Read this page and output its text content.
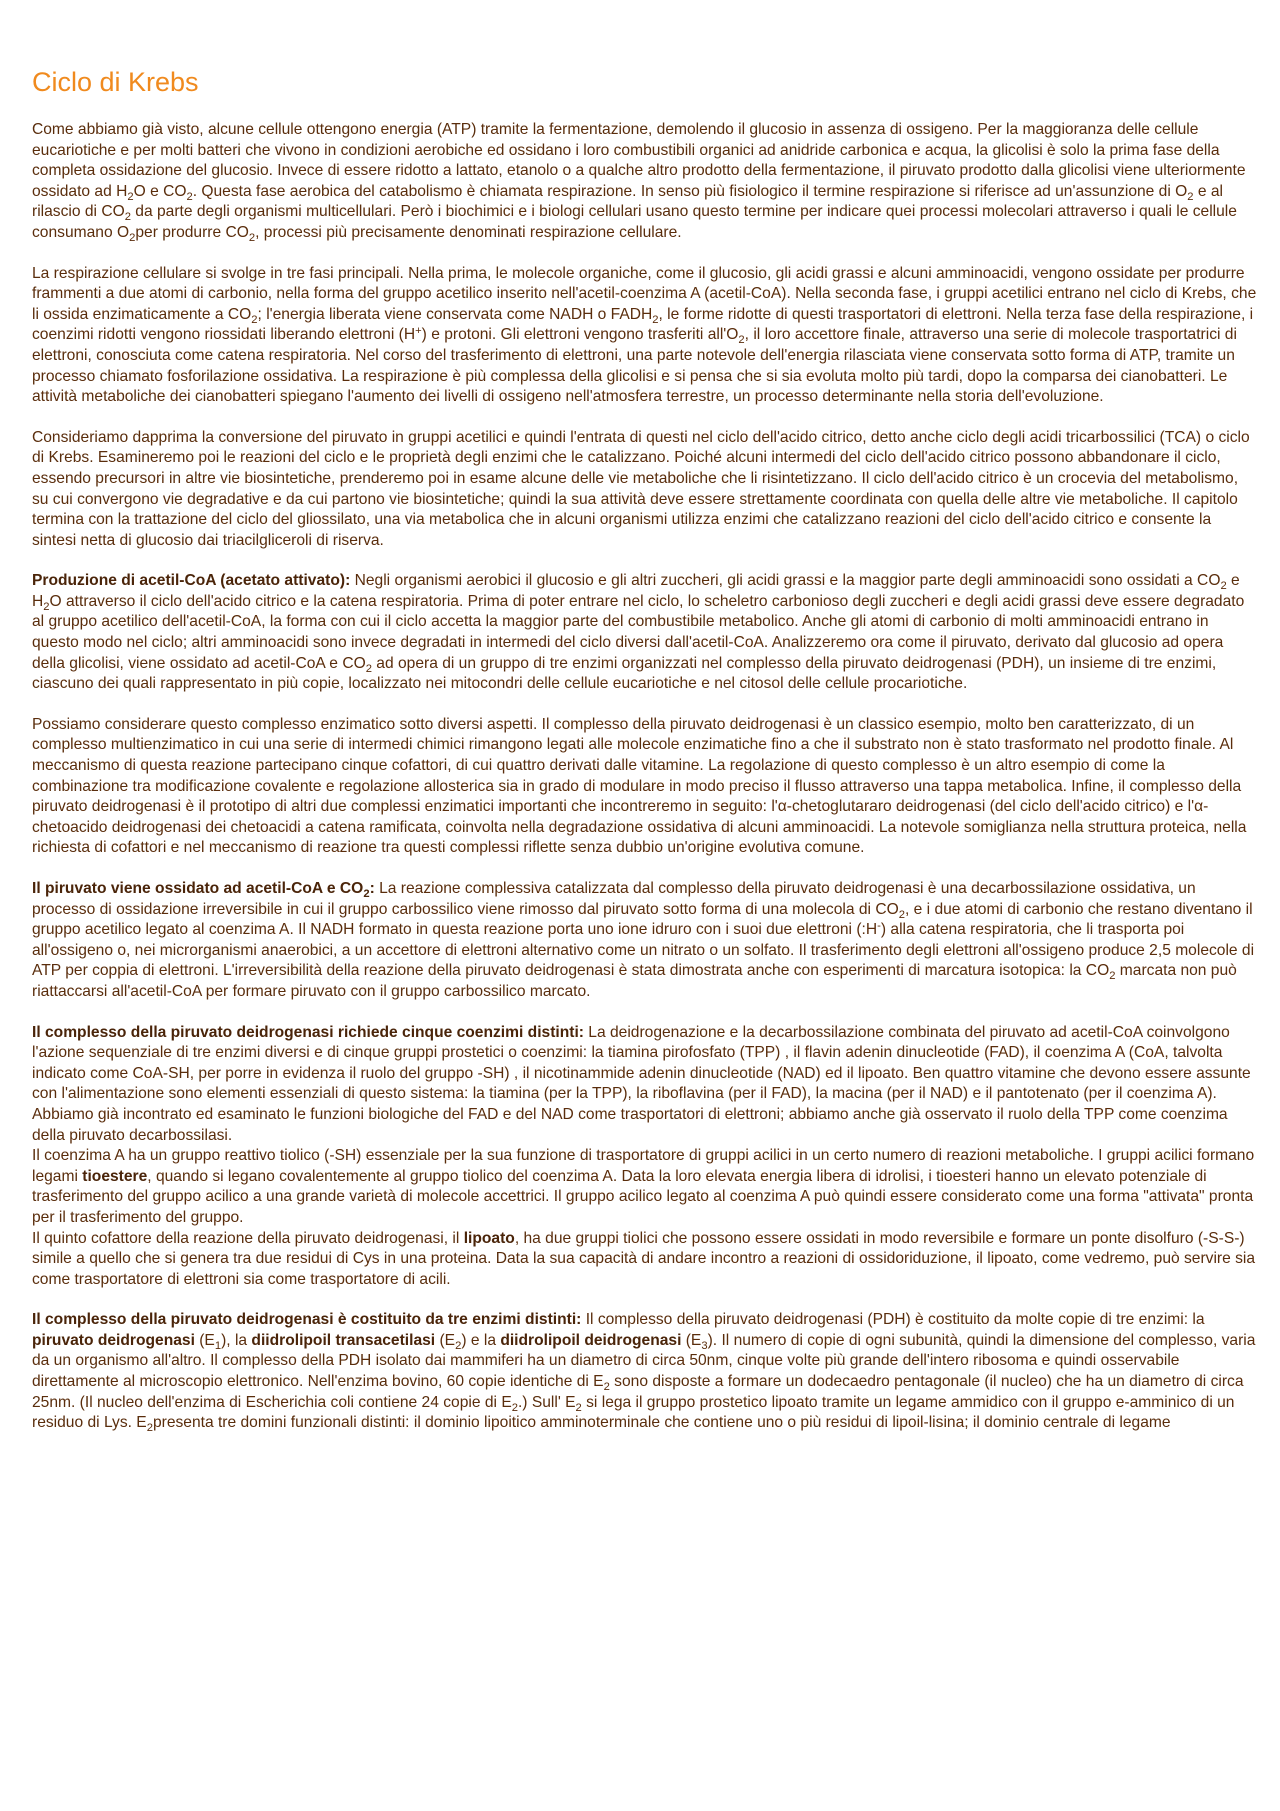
Ciclo di Krebs

Come abbiamo già visto, alcune cellule ottengono energia (ATP) tramite la fermentazione, demolendo il glucosio in assenza di ossigeno. Per la maggioranza delle cellule eucariotiche e per molti batteri che vivono in condizioni aerobiche ed ossidano i loro combustibili organici ad anidride carbonica e acqua, la glicolisi è solo la prima fase della completa ossidazione del glucosio. Invece di essere ridotto a lattato, etanolo o a qualche altro prodotto della fermentazione, il piruvato prodotto dalla glicolisi viene ulteriormente ossidato ad $H_2O$ e $CO_2$. Questa fase aerobica del catabolismo è chiamata respirazione. In senso più fisiologico il termine respirazione si riferisce ad un'assunzione di $O_2$ e al rilascio di $CO_2$ da parte degli organismi multicellulari. Però i biochimici e i biologi cellulari usano questo termine per indicare quei processi molecolari attraverso i quali le cellule consumano $O_2per$ produrre $CO_2$, processi più precisamente denominati respirazione cellulare.

La respirazione cellulare si svolge in tre fasi principali. Nella prima, le molecole organiche, come il glucosio, gli acidi grassi e alcuni amminoacidi, vengono ossidate per produrre frammenti a due atomi di carbonio, nella forma del gruppo acetilico inserito nell'acetil-coenzima A (acetil-CoA). Nella seconda fase, i gruppi acetilici entrano nel ciclo di Krebs, che li ossida enzimaticamente a $CO_2$; l'energia liberata viene conservata come NADH o $FADH_2$, le forme ridotte di questi trasportatori di elettroni. Nella terza fase della respirazione, i coenzimi ridotti vengono riossidati liberando elettroni (H+) e protoni. Gli elettroni vengono trasferiti $all'O_2$, il loro accettore finale, attraverso una serie di molecole trasportatrici di elettroni, conosciuta come catena respiratoria. Nel corso del trasferimento di elettroni, una parte notevole dell'energia rilasciata viene conservata sotto forma di ATP, tramite un processo chiamato fosforilazione ossidativa. La respirazione è più complessa della glicolisi e si pensa che si sia evoluta molto più tardi, dopo la comparsa dei cianobatteri. Le attività metaboliche dei cianobatteri spiegano l'aumento dei livelli di ossigeno nell'atmosfera terrestre, un processo determinante nella storia dell'evoluzione.

Consideriamo dapprima la conversione del piruvato in gruppi acetilici e quindi l'entrata di questi nel ciclo dell'acido citrico, detto anche ciclo degli acidi tricarbossilici (TCA) o ciclo di Krebs. Esamineremo poi le reazioni del ciclo e le proprietà degli enzimi che le catalizzano. Poiché alcuni intermedi del ciclo dell'acido citrico possono abbandonare il ciclo, essendo precursori in altre vie biosintetiche, prenderemo poi in esame alcune delle vie metaboliche che li risintetizzano. Il ciclo dell'acido citrico è un crocevia del metabolismo, su cui convergono vie degradative e da cui partono vie biosintetiche; quindi la sua attività deve essere strettamente coordinata con quella delle altre vie metaboliche. Il capitolo termina con la trattazione del ciclo del gliossilato, una via metabolica che in alcuni organismi utilizza enzimi che catalizzano reazioni del ciclo dell'acido citrico e consente la sintesi netta di glucosio dai triacilgliceroli di riserva.

Produzione di acetil-CoA (acetato attivato): Negli organismi aerobici il glucosio e gli altri zuccheri, gli acidi grassi e la maggior parte degli amminoacidi sono ossidati a $CO_2$ e $H_2O$ attraverso il ciclo dell'acido citrico e la catena respiratoria. Prima di poter entrare nel ciclo, lo scheletro carbonioso degli zuccheri e degli acidi grassi deve essere degradato al gruppo acetilico dell'acetil-CoA, la forma con cui il ciclo accetta la maggior parte del combustibile metabolico. Anche gli atomi di carbonio di molti amminoacidi entrano in questo modo nel ciclo; altri amminoacidi sono invece degradati in intermedi del ciclo diversi dall'acetil-CoA. Analizzeremo ora come il piruvato, derivato dal glucosio ad opera della glicolisi, viene ossidato ad acetil-CoA e $CO_2$ ad opera di un gruppo di tre enzimi organizzati nel complesso della piruvato deidrogenasi (PDH), un insieme di tre enzimi, ciascuno dei quali rappresentato in più copie, localizzato nei mitocondri delle cellule eucariotiche e nel citosol delle cellule procariotiche.

Possiamo considerare questo complesso enzimatico sotto diversi aspetti. Il complesso della piruvato deidrogenasi è un classico esempio, molto ben caratterizzato, di un complesso multienzimatico in cui una serie di intermedi chimici rimangono legati alle molecole enzimatiche fino a che il substrato non è stato trasformato nel prodotto finale. Al meccanismo di questa reazione partecipano cinque cofattori, di cui quattro derivati dalle vitamine. La regolazione di questo complesso è un altro esempio di come la combinazione tra modificazione covalente e regolazione allosterica sia in grado di modulare in modo preciso il flusso attraverso una tappa metabolica. Infine, il complesso della piruvato deidrogenasi è il prototipo di altri due complessi enzimatici importanti che incontreremo in seguito: l'α-chetoglutararo deidrogenasi (del ciclo dell'acido citrico) e l'α-chetoacido deidrogenasi dei chetoacidi a catena ramificata, coinvolta nella degradazione ossidativa di alcuni amminoacidi. La notevole somiglianza nella struttura proteica, nella richiesta di cofattori e nel meccanismo di reazione tra questi complessi riflette senza dubbio un'origine evolutiva comune.

Il piruvato viene ossidato ad acetil-CoA e $CO_2$: La reazione complessiva catalizzata dal complesso della piruvato deidrogenasi è una decarbossilazione ossidativa, un processo di ossidazione irreversibile in cui il gruppo carbossilico viene rimosso dal piruvato sotto forma di una molecola di $CO_2$, e i due atomi di carbonio che restano diventano il gruppo acetilico legato al coenzima A. Il NADH formato in questa reazione porta uno ione idruro con i suoi due elettroni (:H-) alla catena respiratoria, che li trasporta poi all'ossigeno o, nei microrganismi anaerobici, a un accettore di elettroni alternativo come un nitrato o un solfato. Il trasferimento degli elettroni all'ossigeno produce 2,5 molecole di ATP per coppia di elettroni. L'irreversibilità della reazione della piruvato deidrogenasi è stata dimostrata anche con esperimenti di marcatura isotopica: la $CO_2$ marcata non può riattaccarsi all'acetil-CoA per formare piruvato con il gruppo carbossilico marcato.

Il complesso della piruvato deidrogenasi richiede cinque coenzimi distinti: La deidrogenazione e la decarbossilazione combinata del piruvato ad acetil-CoA coinvolgono l'azione sequenziale di tre enzimi diversi e di cinque gruppi prostetici o coenzimi: la tiamina pirofosfato (TPP) , il flavin adenin dinucleotide (FAD), il coenzima A (CoA, talvolta indicato come CoA-SH, per porre in evidenza il ruolo del gruppo -SH) , il nicotinammide adenin dinucleotide (NAD) ed il lipoato. Ben quattro vitamine che devono essere assunte con l'alimentazione sono elementi essenziali di questo sistema: la tiamina (per la TPP), la riboflavina (per il FAD), la macina (per il NAD) e il pantotenato (per il coenzima A). Abbiamo già incontrato ed esaminato le funzioni biologiche del FAD e del NAD come trasportatori di elettroni; abbiamo anche già osservato il ruolo della TPP come coenzima della piruvato decarbossilasi.

Il coenzima A ha un gruppo reattivo tiolico (-SH) essenziale per la sua funzione di trasportatore di gruppi acilici in un certo numero di reazioni metaboliche. I gruppi acilici formano legami tioestere, quando si legano covalentemente al gruppo tiolico del coenzima A. Data la loro elevata energia libera di idrolisi, i tioesteri hanno un elevato potenziale di trasferimento del gruppo acilico a una grande varietà di molecole accettrici. Il gruppo acilico legato al coenzima A può quindi essere considerato come una forma "attivata" pronta per il trasferimento del gruppo.

Il quinto cofattore della reazione della piruvato deidrogenasi, il lipoato, ha due gruppi tiolici che possono essere ossidati in modo reversibile e formare un ponte disolfuro (-S-S-) simile a quello che si genera tra due residui di Cys in una proteina. Data la sua capacità di andare incontro a reazioni di ossidoriduzione, il lipoato, come vedremo, può servire sia come trasportatore di elettroni sia come trasportatore di acili.

Il complesso della piruvato deidrogenasi è costituito da tre enzimi distinti: Il complesso della piruvato deidrogenasi (PDH) è costituito da molte copie di tre enzimi: la piruvato deidrogenasi $(E_1)$, la diidrolipoil transacetilasi $(E_2)$ e la diidrolipoil deidrogenasi $(E_3)$. Il numero di copie di ogni subunità, quindi la dimensione del complesso, varia da un organismo all'altro. Il complesso della PDH isolato dai mammiferi ha un diametro di circa 50nm, cinque volte più grande dell'intero ribosoma e quindi osservabile direttamente al microscopio elettronico. Nell'enzima bovino, 60 copie identiche di $E_2$ sono disposte a formare un dodecaedro pentagonale (il nucleo) che ha un diametro di circa 25nm. (Il nucleo dell'enzima di Escherichia coli contiene 24 copie di $E_2$.) Sull' $E_2$ si lega il gruppo prostetico lipoato tramite un legame ammidico con il gruppo e-amminico di un residuo di Lys. $E_2presenta$ tre domini funzionali distinti: il dominio lipoitico amminoterminale che contiene uno o più residui di lipoil-lisina; il dominio centrale di legame
